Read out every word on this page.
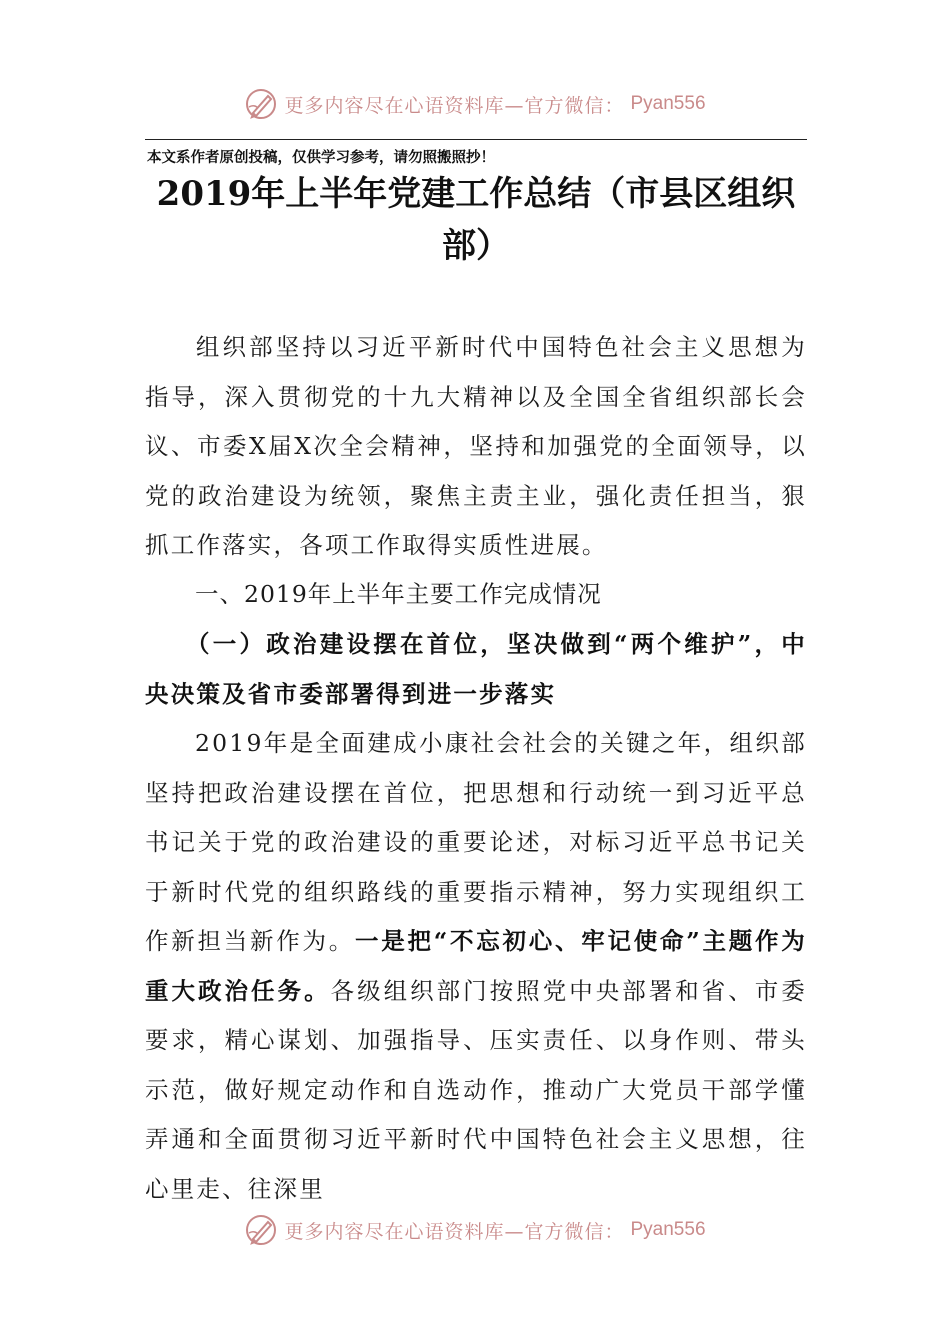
更多内容尽在心语资料库—官方微信： Pyan556
本文系作者原创投稿，仅供学习参考，请勿照搬照抄！
2019年上半年党建工作总结（市县区组织部）

组织部坚持以习近平新时代中国特色社会主义思想为指导，深入贯彻党的十九大精神以及全国全省组织部长会议、市委X届X次全会精神，坚持和加强党的全面领导，以党的政治建设为统领，聚焦主责主业，强化责任担当，狠抓工作落实，各项工作取得实质性进展。

一、2019年上半年主要工作完成情况
（一）政治建设摆在首位，坚决做到“两个维护”，中央决策及省市委部署得到进一步落实

2019年是全面建成小康社会社会的关键之年，组织部坚持把政治建设摆在首位，把思想和行动统一到习近平总书记关于党的政治建设的重要论述，对标习近平总书记关于新时代党的组织路线的重要指示精神，努力实现组织工作新担当新作为。一是把“不忘初心、牢记使命”主题作为重大政治任务。各级组织部门按照党中央部署和省、市委要求，精心谋划、加强指导、压实责任、以身作则、带头示范，做好规定动作和自选动作，推动广大党员干部学懂弄通和全面贯彻习近平新时代中国特色社会主义思想，往心里走、往深里

更多内容尽在心语资料库—官方微信： Pyan556
